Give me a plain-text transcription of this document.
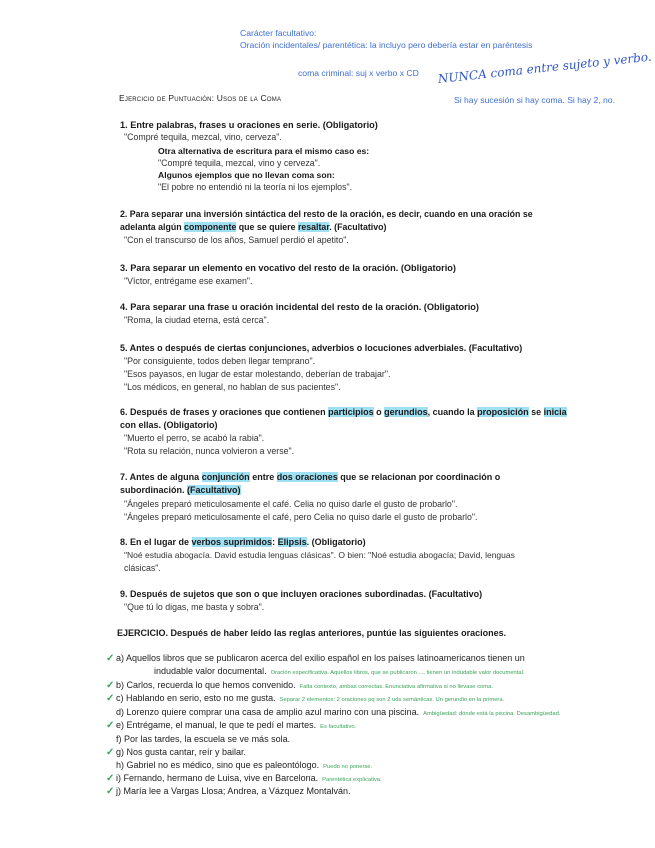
Carácter facultativo:
Oración incidentales/ parentética: la incluyo pero debería estar en paréntesis
coma criminal: suj x verbo x CD NUNCA coma entre sujeto y verbo.
Si hay sucesión si hay coma. Si hay 2, no.
Ejercicio de Puntuación: Usos de la Coma
1. Entre palabras, frases u oraciones en serie. (Obligatorio)
"Compré tequila, mezcal, vino, cerveza".
Otra alternativa de escritura para el mismo caso es:
"Compré tequila, mezcal, vino y cerveza".
Algunos ejemplos que no llevan coma son:
"El pobre no entendió ni la teoría ni los ejemplos".
2. Para separar una inversión sintáctica del resto de la oración, es decir, cuando en una oración se
adelanta algún componente que se quiere resaltar. (Facultativo)
"Con el transcurso de los años, Samuel perdió el apetito".
3. Para separar un elemento en vocativo del resto de la oración. (Obligatorio)
"Víctor, entrégame ese examen".
4. Para separar una frase u oración incidental del resto de la oración. (Obligatorio)
"Roma, la ciudad eterna, está cerca".
5. Antes o después de ciertas conjunciones, adverbios o locuciones adverbiales. (Facultativo)
"Por consiguiente, todos deben llegar temprano".
"Esos payasos, en lugar de estar molestando, deberían de trabajar".
"Los médicos, en general, no hablan de sus pacientes".
6. Después de frases y oraciones que contienen participios o gerundios, cuando la proposición se inicia
con ellas. (Obligatorio)
"Muerto el perro, se acabó la rabia".
"Rota su relación, nunca volvieron a verse".
7. Antes de alguna conjunción entre dos oraciones que se relacionan por coordinación o
subordinación. (Facultativo)
"Ángeles preparó meticulosamente el café. Celia no quiso darle el gusto de probarlo".
"Ángeles preparó meticulosamente el café, pero Celia no quiso darle el gusto de probarlo".
8. En el lugar de verbos suprimidos: Elipsis. (Obligatorio)
"Noé estudia abogacía. David estudia lenguas clásicas". O bien: "Noé estudia abogacía; David, lenguas
clásicas".
9. Después de sujetos que son o que incluyen oraciones subordinadas. (Facultativo)
"Que tú lo digas, me basta y sobra".
EJERCICIO. Después de haber leído las reglas anteriores, puntúe las siguientes oraciones.
✓ a) Aquellos libros que se publicaron acerca del exilio español en los países latinoamericanos tienen un
indudable valor documental. Oración especificativa. Aquellos libros, que se publicaron ..., tienen un indudable valor documental.
✓ b) Carlos, recuerda lo que hemos convenido. Falta contexto, ambas correctas. Enunciativa afirmativa si no llevase coma.
✓ c) Hablando en serio, esto no me gusta. Separar 2 elementos: 2 oraciones pq son 2 uds semánticas. Un gerundio en la primera.
d) Lorenzo quiere comprar una casa de amplio azul marino con una piscina. Ambigüedad: dónde está la piscina. Desambigüedad.
✓ e) Entrégame, el manual, le que te pedí el martes. Es facultativo.
f) Por las tardes, la escuela se ve más sola.
✓ g) Nos gusta cantar, reír y bailar.
h) Gabriel no es médico, sino que es paleontólogo. Puedo no ponerse.
✓ i) Fernando, hermano de Luisa, vive en Barcelona. Parentética explicativa.
✓ j) María lee a Vargas Llosa; Andrea, a Vázquez Montalván.
